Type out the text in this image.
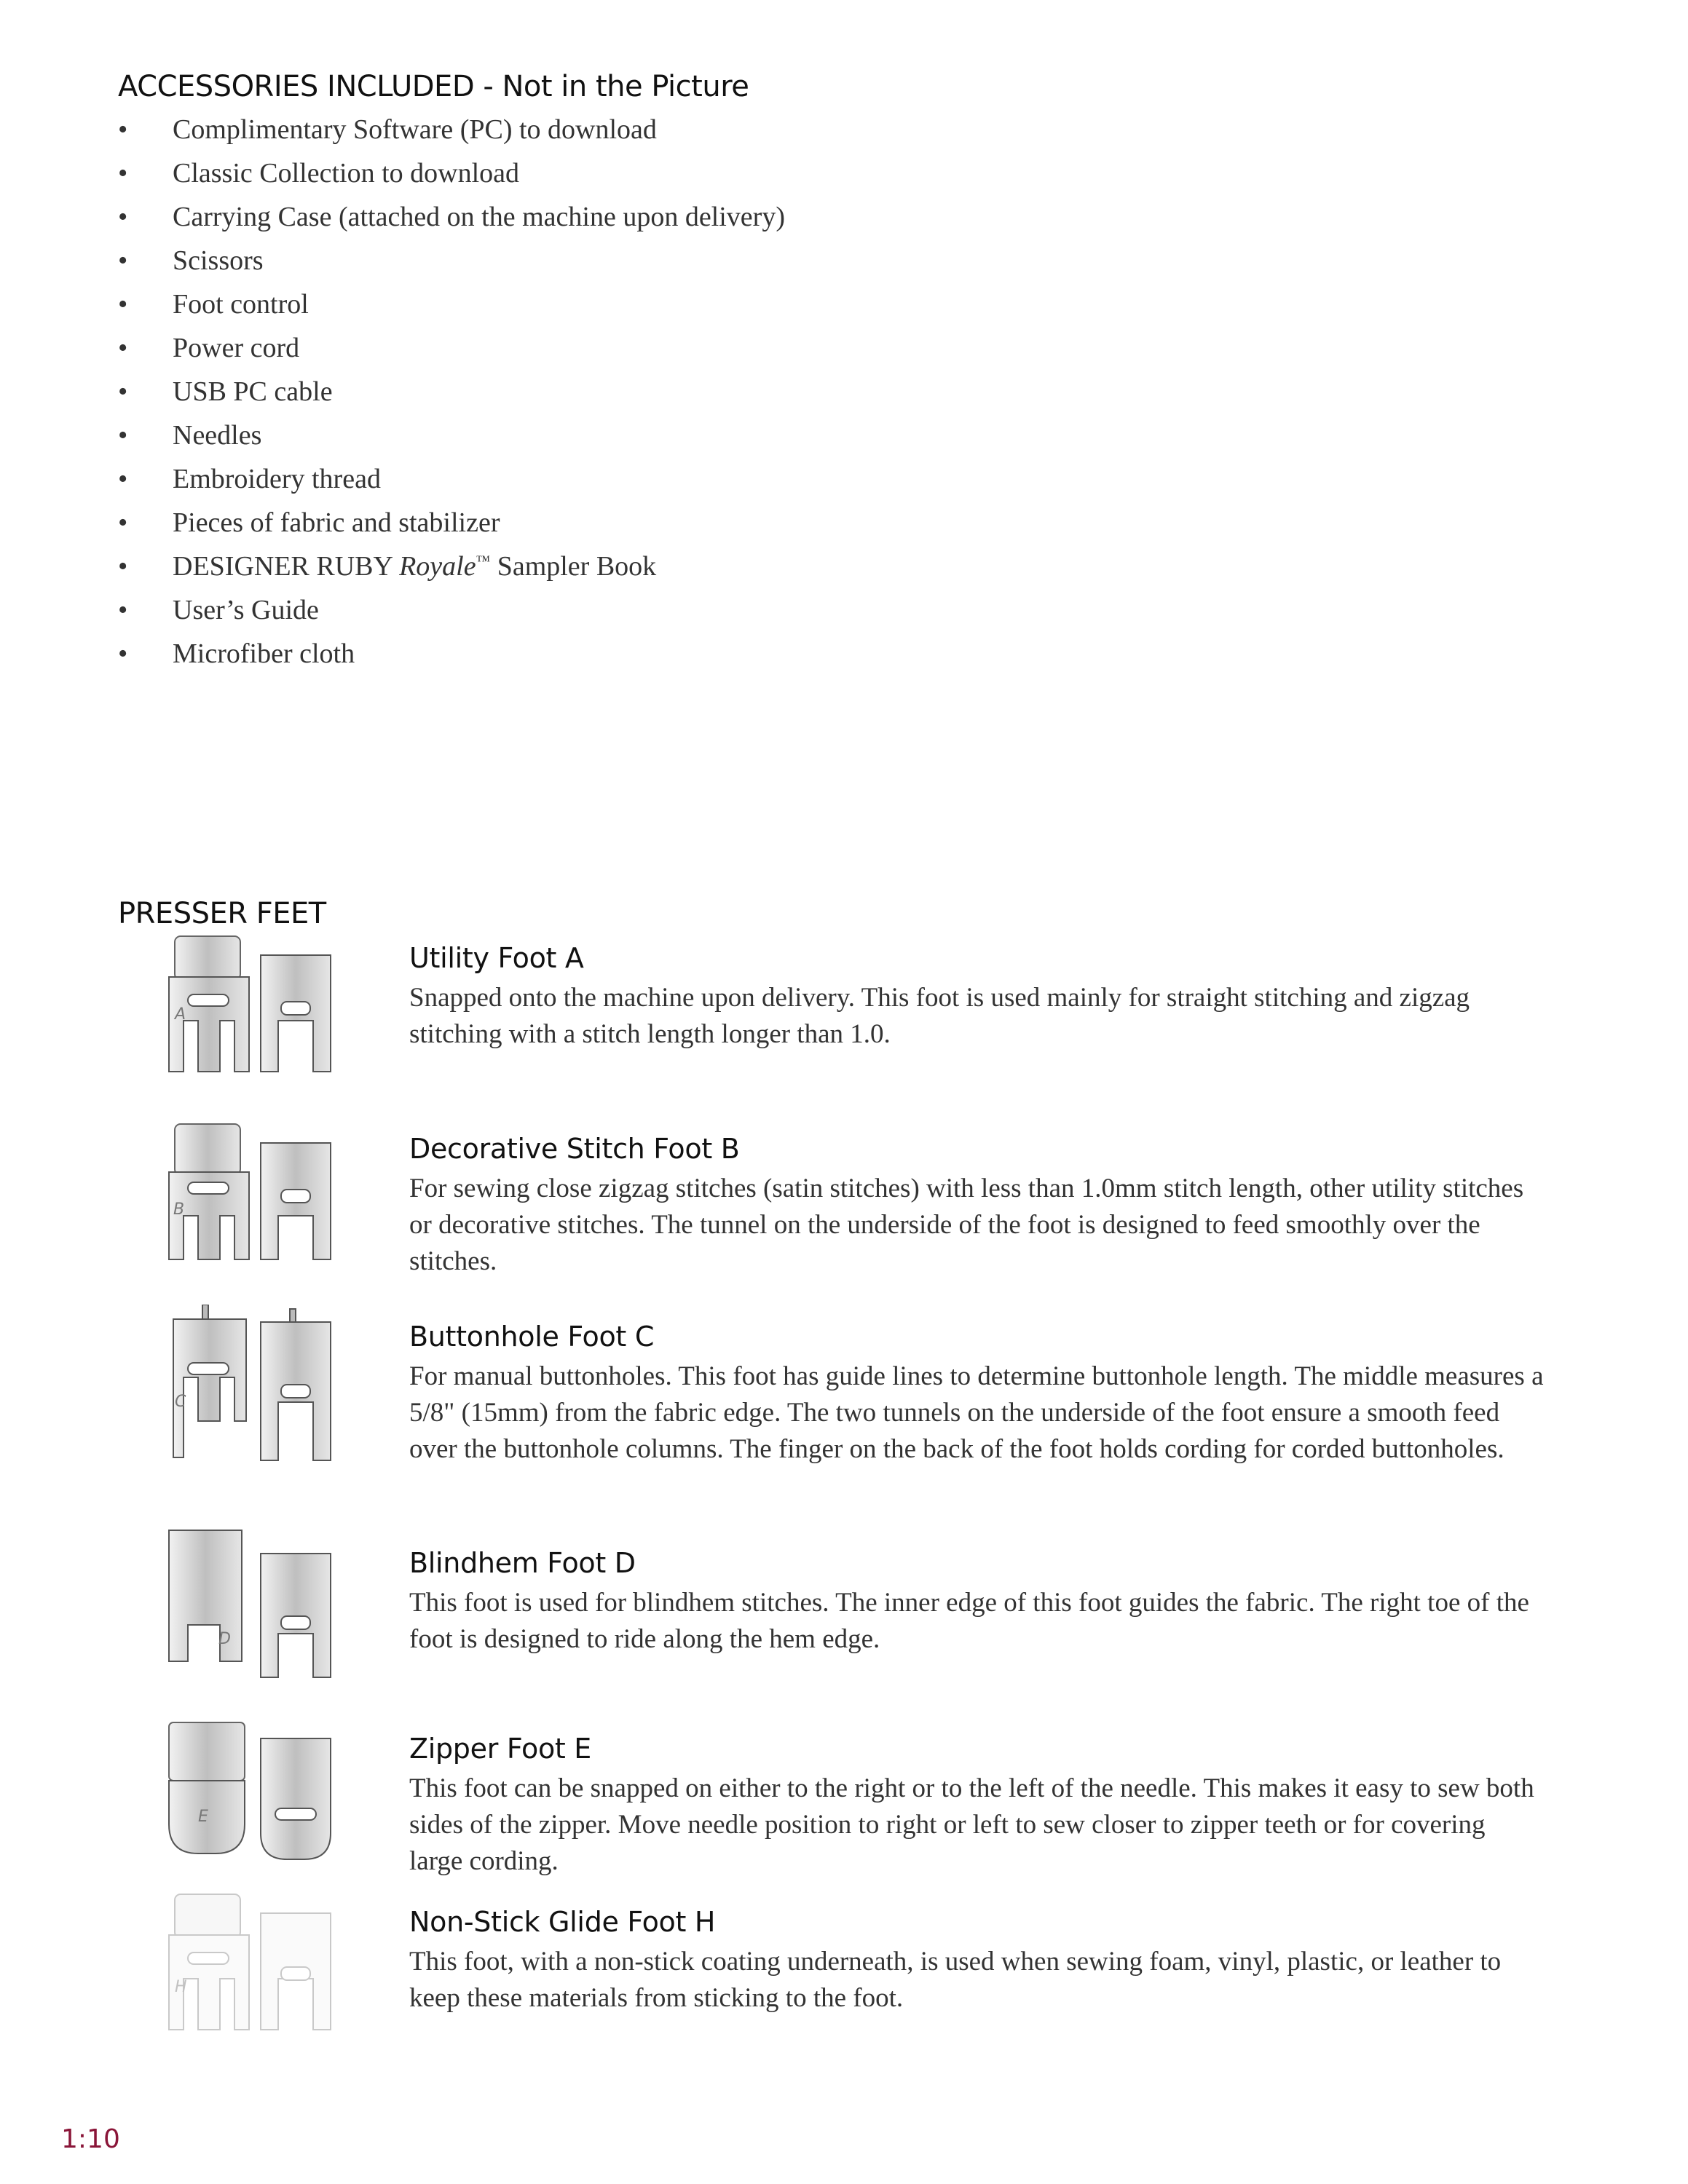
ACCESSORIES INCLUDED - Not in the Picture
• Complimentary Software (PC) to download
• Classic Collection to download
• Carrying Case (attached on the machine upon delivery)
• Scissors
• Foot control
• Power cord
• USB PC cable
• Needles
• Embroidery thread
• Pieces of fabric and stabilizer
• DESIGNER RUBY Royale™ Sampler Book
• User’s Guide
• Microfiber cloth
PRESSER FEET
A
B
C
D
E
H
Utility Foot A

Snapped onto the machine upon delivery. This foot is used mainly for straight stitching and zigzag stitching with a stitch length longer than 1.0.

Decorative Stitch Foot B

For sewing close zigzag stitches (satin stitches) with less than 1.0mm stitch length, other utility stitches or decorative stitches. The tunnel on the underside of the foot is designed to feed smoothly over the stitches.

Buttonhole Foot C

For manual buttonholes. This foot has guide lines to determine buttonhole length. The middle measures a 5/8" (15mm) from the fabric edge. The two tunnels on the underside of the foot ensure a smooth feed over the buttonhole columns. The finger on the back of the foot holds cording for corded buttonholes.

Blindhem Foot D

This foot is used for blindhem stitches. The inner edge of this foot guides the fabric. The right toe of the foot is designed to ride along the hem edge.

Zipper Foot E

This foot can be snapped on either to the right or to the left of the needle. This makes it easy to sew both sides of the zipper. Move needle position to right or left to sew closer to zipper teeth or for covering large cording.

Non-Stick Glide Foot H

This foot, with a non-stick coating underneath, is used when sewing foam, vinyl, plastic, or leather to keep these materials from sticking to the foot.

1:10
